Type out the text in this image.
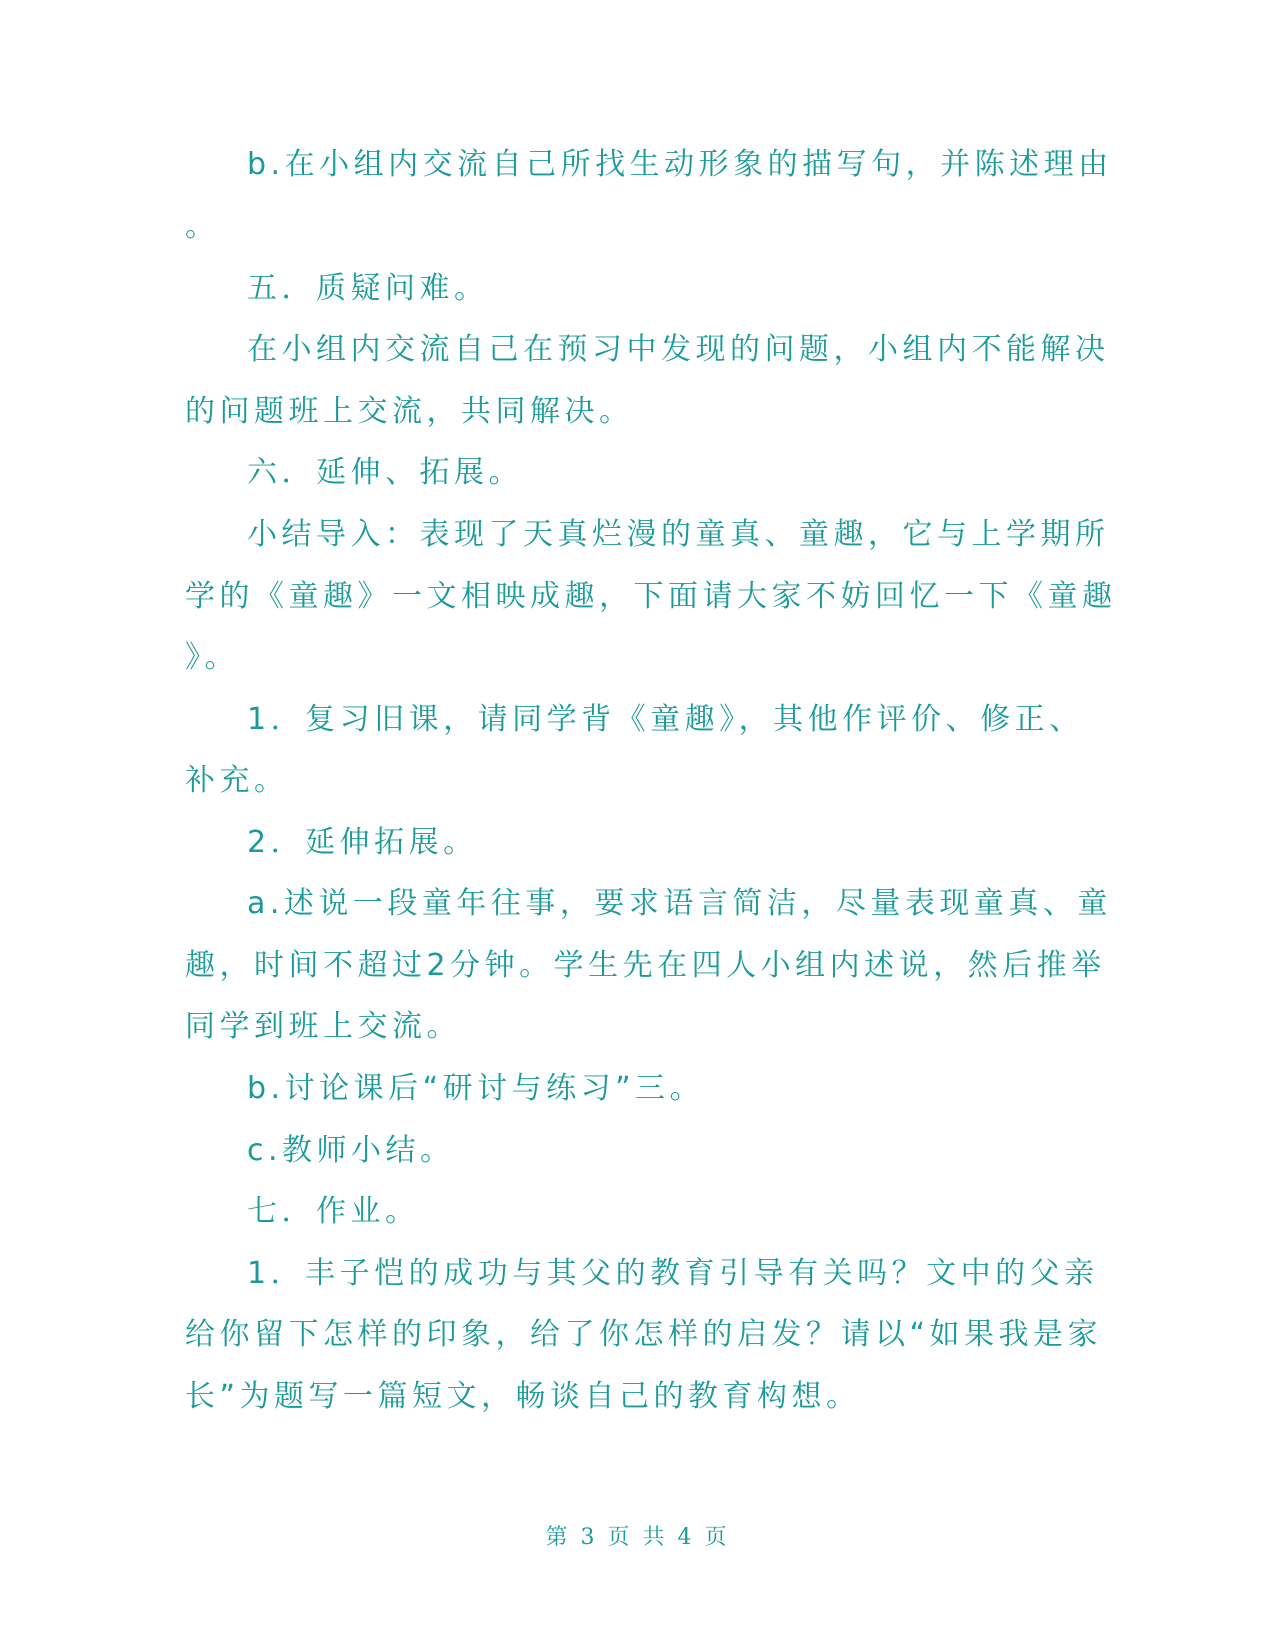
b.在小组内交流自己所找生动形象的描写句，并陈述理由
。
五．质疑问难。
在小组内交流自己在预习中发现的问题，小组内不能解决
的问题班上交流，共同解决。
六．延伸、拓展。
小结导入：表现了天真烂漫的童真、童趣，它与上学期所
学的《童趣》一文相映成趣，下面请大家不妨回忆一下《童趣
》。
1．复习旧课，请同学背《童趣》，其他作评价、修正、
补充。
2．延伸拓展。
a.述说一段童年往事，要求语言简洁，尽量表现童真、童
趣，时间不超过2分钟。学生先在四人小组内述说，然后推举
同学到班上交流。
b.讨论课后“研讨与练习”三。
c.教师小结。
七．作业。
1．丰子恺的成功与其父的教育引导有关吗？文中的父亲
给你留下怎样的印象，给了你怎样的启发？请以“如果我是家
长”为题写一篇短文，畅谈自己的教育构想。
第 3 页 共 4 页
